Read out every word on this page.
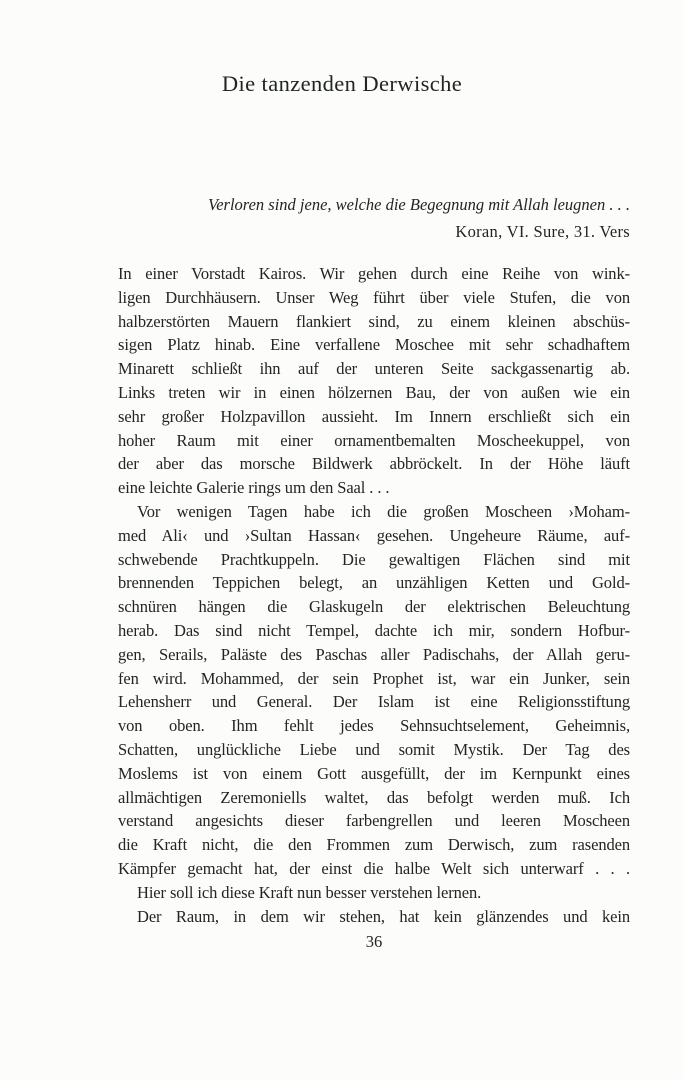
Die tanzenden Derwische
Verloren sind jene, welche die Begegnung mit Allah leugnen . . .
Koran, VI. Sure, 31. Vers
In einer Vorstadt Kairos. Wir gehen durch eine Reihe von wink-
ligen Durchhäusern. Unser Weg führt über viele Stufen, die von
halbzerstörten Mauern flankiert sind, zu einem kleinen abschüs-
sigen Platz hinab. Eine verfallene Moschee mit sehr schadhaftem
Minarett schließt ihn auf der unteren Seite sackgassenartig ab.
Links treten wir in einen hölzernen Bau, der von außen wie ein
sehr großer Holzpavillon aussieht. Im Innern erschließt sich ein
hoher Raum mit einer ornamentbemalten Moscheekuppel, von
der aber das morsche Bildwerk abbröckelt. In der Höhe läuft
eine leichte Galerie rings um den Saal . . .
Vor wenigen Tagen habe ich die großen Moscheen ›Moham-
med Ali‹ und ›Sultan Hassan‹ gesehen. Ungeheure Räume, auf-
schwebende Prachtkuppeln. Die gewaltigen Flächen sind mit
brennenden Teppichen belegt, an unzähligen Ketten und Gold-
schnüren hängen die Glaskugeln der elektrischen Beleuchtung
herab. Das sind nicht Tempel, dachte ich mir, sondern Hofbur-
gen, Serails, Paläste des Paschas aller Padischahs, der Allah geru-
fen wird. Mohammed, der sein Prophet ist, war ein Junker, sein
Lehensherr und General. Der Islam ist eine Religionsstiftung
von oben. Ihm fehlt jedes Sehnsuchtselement, Geheimnis,
Schatten, unglückliche Liebe und somit Mystik. Der Tag des
Moslems ist von einem Gott ausgefüllt, der im Kernpunkt eines
allmächtigen Zeremoniells waltet, das befolgt werden muß. Ich
verstand angesichts dieser farbengrellen und leeren Moscheen
die Kraft nicht, die den Frommen zum Derwisch, zum rasenden
Kämpfer gemacht hat, der einst die halbe Welt sich unterwarf . . .
Hier soll ich diese Kraft nun besser verstehen lernen.
Der Raum, in dem wir stehen, hat kein glänzendes und kein
36
